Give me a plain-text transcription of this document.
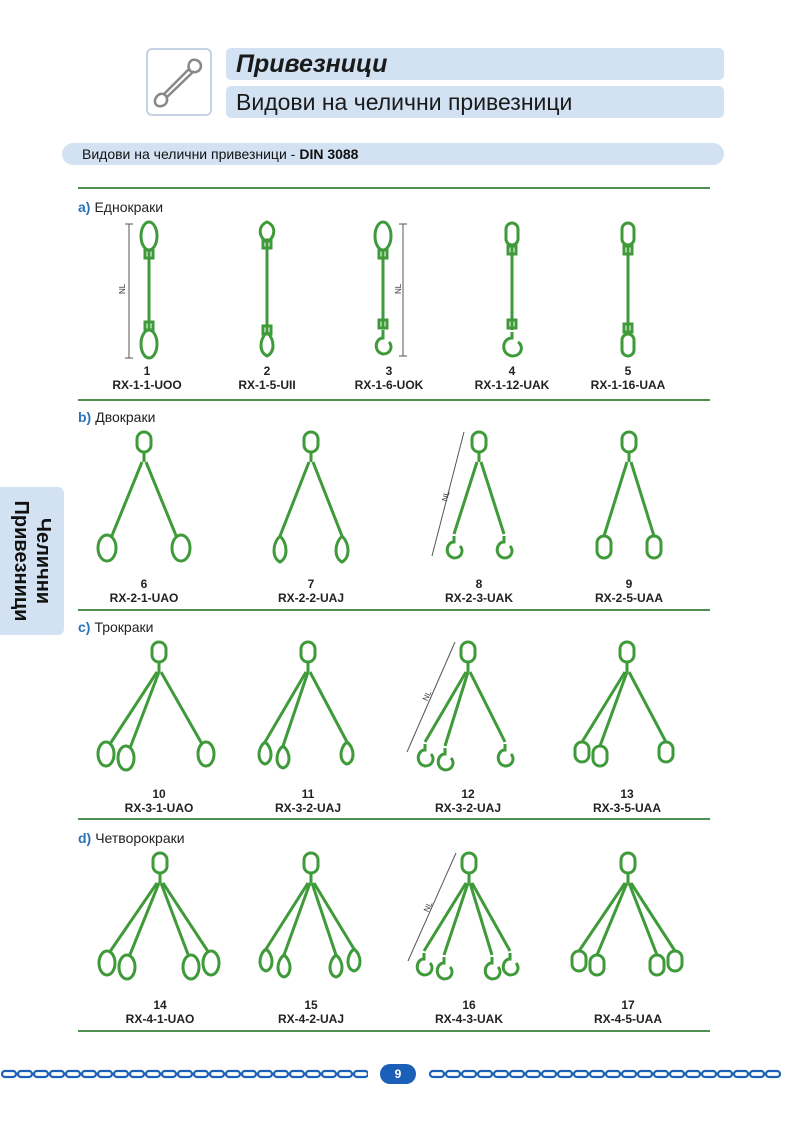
Привезници
Видови на челични привезници
Видови на челични привезници - DIN 3088
Челични
Привезници
a) Еднокраки
b) Двокраки
c) Трокраки
d) Четворокраки
NL
1
RX-1-1-UOO
2
RX-1-5-UII
NL
3
RX-1-6-UOK
4
RX-1-12-UAK
5
RX-1-16-UAA
6
RX-2-1-UAO
7
RX-2-2-UAJ
NL
8
RX-2-3-UAK
9
RX-2-5-UAA
10
RX-3-1-UAO
11
RX-3-2-UAJ
NL
12
RX-3-2-UAJ
13
RX-3-5-UAA
14
RX-4-1-UAO
15
RX-4-2-UAJ
NL
16
RX-4-3-UAK
17
RX-4-5-UAA
9
